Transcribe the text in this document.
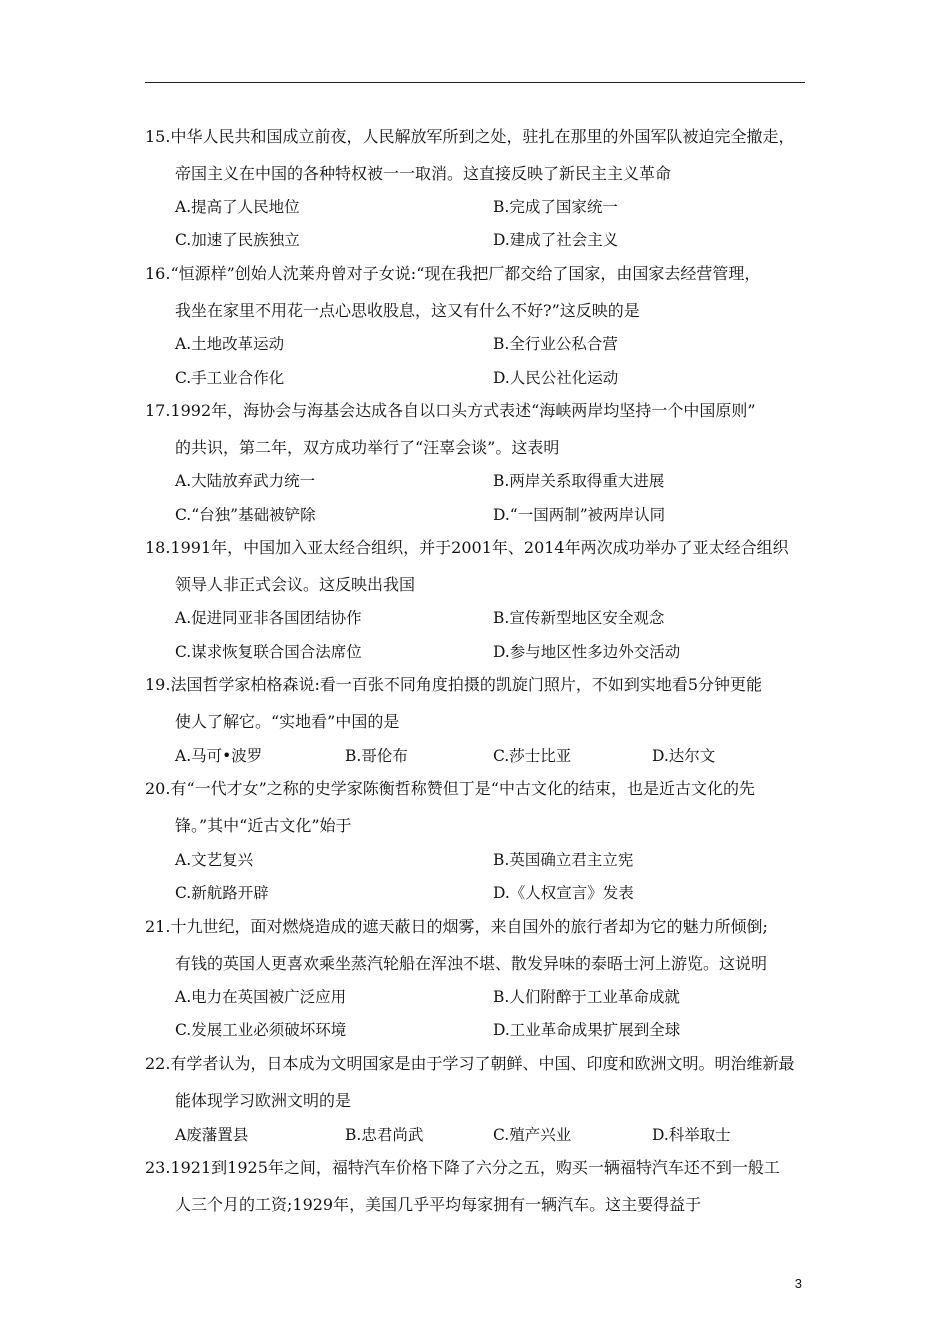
15.中华人民共和国成立前夜，人民解放军所到之处，驻扎在那里的外国军队被迫完全撤走，
帝国主义在中国的各种特权被一一取消。这直接反映了新民主主义革命
A.提高了人民地位	B.完成了国家统一
C.加速了民族独立	D.建成了社会主义
16.“恒源样”创始人沈莱舟曾对子女说:“现在我把厂都交给了国家，由国家去经营管理，
我坐在家里不用花一点心思收股息，这又有什么不好?”这反映的是
A.土地改革运动	B.全行业公私合营
C.手工业合作化	D.人民公社化运动
17.1992年，海协会与海基会达成各自以口头方式表述“海峡两岸均坚持一个中国原则”
的共识，第二年，双方成功举行了“汪辜会谈”。这表明
A.大陆放弃武力统一	B.两岸关系取得重大进展
C.“台独”基础被铲除	D.“一国两制”被两岸认同
18.1991年，中国加入亚太经合组织，并于2001年、2014年两次成功举办了亚太经合组织
领导人非正式会议。这反映出我国
A.促进同亚非各国团结协作	B.宣传新型地区安全观念
C.谋求恢复联合国合法席位	D.参与地区性多边外交活动
19.法国哲学家柏格森说:看一百张不同角度拍摄的凯旋门照片，不如到实地看5分钟更能
使人了解它。“实地看”中国的是
A.马可•波罗	B.哥伦布	C.莎士比亚	D.达尔文
20.有“一代才女”之称的史学家陈衡哲称赞但丁是“中古文化的结束，也是近古文化的先
锋。”其中“近古文化”始于
A.文艺复兴	B.英国确立君主立宪
C.新航路开辟	D.《人权宣言》发表
21.十九世纪，面对燃烧造成的遮天蔽日的烟雾，来自国外的旅行者却为它的魅力所倾倒;
有钱的英国人更喜欢乘坐蒸汽轮船在浑浊不堪、散发异味的泰晤士河上游览。这说明
A.电力在英国被广泛应用	B.人们附醉于工业革命成就
C.发展工业必须破坏环境	D.工业革命成果扩展到全球
22.有学者认为，日本成为文明国家是由于学习了朝鲜、中国、印度和欧洲文明。明治维新最
能体现学习欧洲文明的是
A废藩置县	B.忠君尚武	C.殖产兴业	D.科举取士
23.1921到1925年之间，福特汽车价格下降了六分之五，购买一辆福特汽车还不到一般工
人三个月的工资;1929年，美国几乎平均每家拥有一辆汽车。这主要得益于
3
